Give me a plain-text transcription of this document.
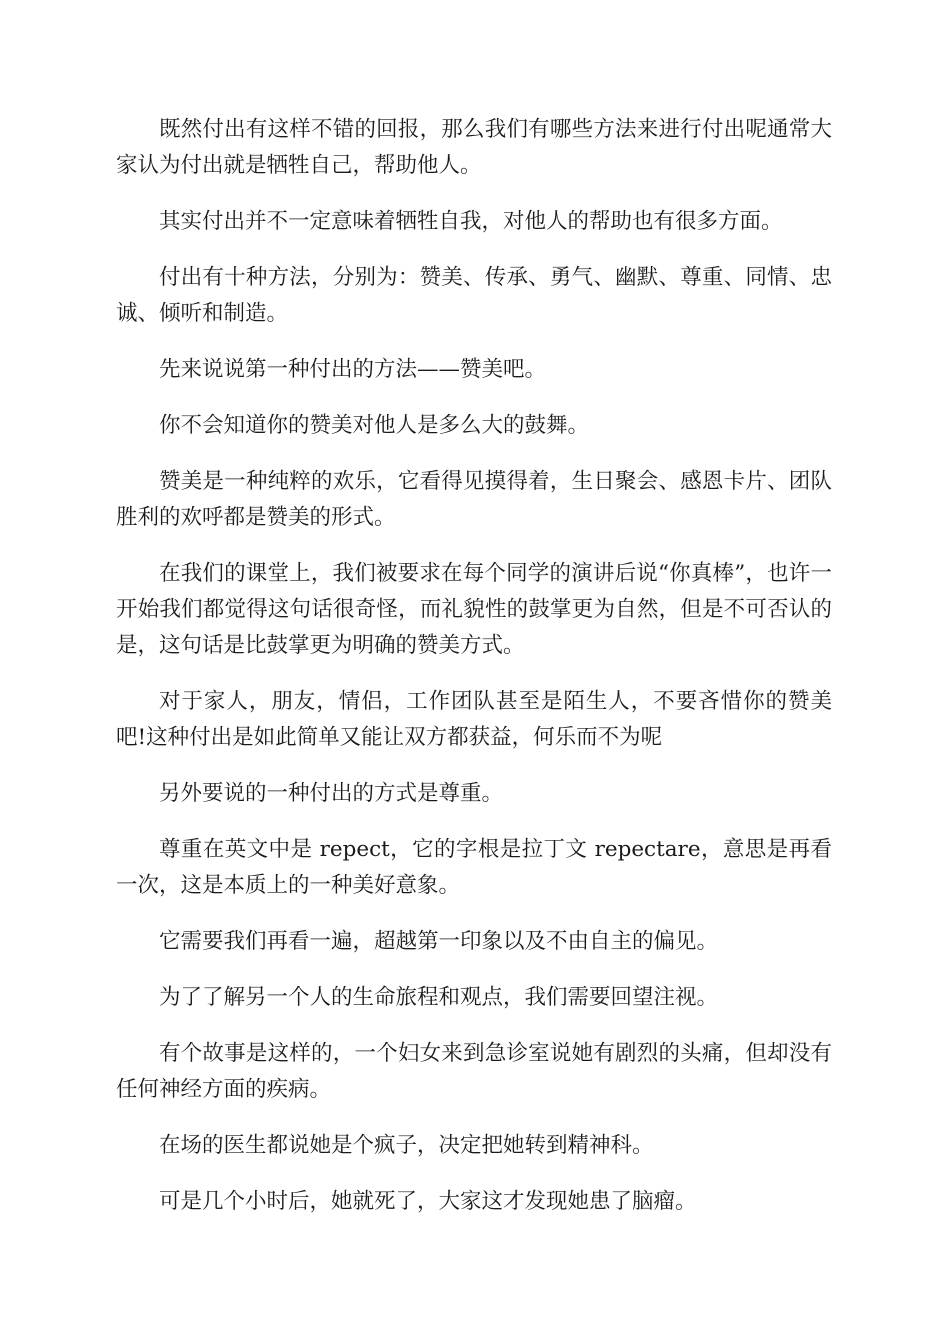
既然付出有这样不错的回报，那么我们有哪些方法来进行付出呢通常大家认为付出就是牺牲自己，帮助他人。

其实付出并不一定意味着牺牲自我，对他人的帮助也有很多方面。

付出有十种方法，分别为：赞美、传承、勇气、幽默、尊重、同情、忠诚、倾听和制造。

先来说说第一种付出的方法——赞美吧。

你不会知道你的赞美对他人是多么大的鼓舞。

赞美是一种纯粹的欢乐，它看得见摸得着，生日聚会、感恩卡片、团队胜利的欢呼都是赞美的形式。

在我们的课堂上，我们被要求在每个同学的演讲后说“你真棒”，也许一开始我们都觉得这句话很奇怪，而礼貌性的鼓掌更为自然，但是不可否认的是，这句话是比鼓掌更为明确的赞美方式。

对于家人，朋友，情侣，工作团队甚至是陌生人，不要吝惜你的赞美吧!这种付出是如此简单又能让双方都获益，何乐而不为呢

另外要说的一种付出的方式是尊重。

尊重在英文中是 repect，它的字根是拉丁文 repectare，意思是再看一次，这是本质上的一种美好意象。

它需要我们再看一遍，超越第一印象以及不由自主的偏见。

为了了解另一个人的生命旅程和观点，我们需要回望注视。

有个故事是这样的，一个妇女来到急诊室说她有剧烈的头痛，但却没有任何神经方面的疾病。

在场的医生都说她是个疯子，决定把她转到精神科。

可是几个小时后，她就死了，大家这才发现她患了脑瘤。
